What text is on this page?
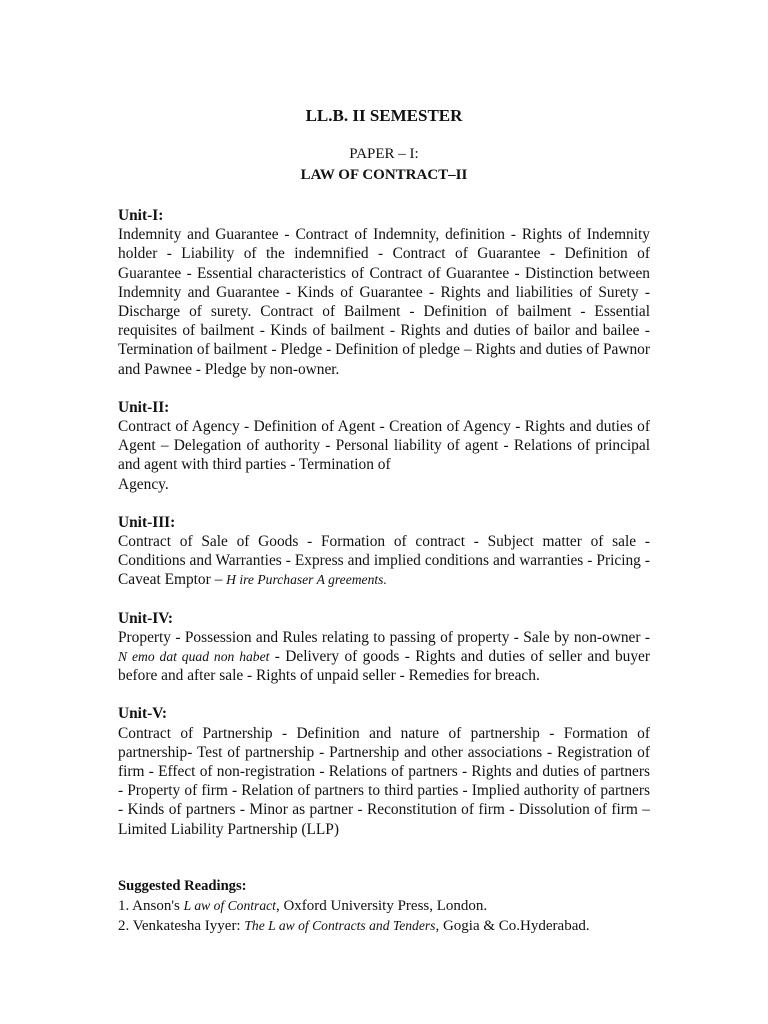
LL.B. II SEMESTER
PAPER – I:
LAW OF CONTRACT–II
Unit-I:
Indemnity and Guarantee - Contract of Indemnity, definition - Rights of Indemnity holder - Liability of the indemnified - Contract of Guarantee - Definition of Guarantee - Essential characteristics of Contract of Guarantee - Distinction between Indemnity and Guarantee - Kinds of Guarantee - Rights and liabilities of Surety - Discharge of surety. Contract of Bailment - Definition of bailment - Essential requisites of bailment - Kinds of bailment - Rights and duties of bailor and bailee - Termination of bailment - Pledge - Definition of pledge – Rights and duties of Pawnor and Pawnee - Pledge by non-owner.
Unit-II:
Contract of Agency - Definition of Agent - Creation of Agency - Rights and duties of Agent – Delegation of authority - Personal liability of agent - Relations of principal and agent with third parties - Termination of
Agency.
Unit-III:
Contract of Sale of Goods - Formation of contract - Subject matter of sale - Conditions and Warranties - Express and implied conditions and warranties - Pricing - Caveat Emptor – H ire Purchaser A greements.
Unit-IV:
Property - Possession and Rules relating to passing of property - Sale by non-owner - N emo dat quad non habet - Delivery of goods - Rights and duties of seller and buyer before and after sale - Rights of unpaid seller - Remedies for breach.
Unit-V:
Contract of Partnership - Definition and nature of partnership - Formation of partnership- Test of partnership - Partnership and other associations - Registration of firm - Effect of non-registration - Relations of partners - Rights and duties of partners - Property of firm - Relation of partners to third parties - Implied authority of partners - Kinds of partners - Minor as partner - Reconstitution of firm - Dissolution of firm – Limited Liability Partnership (LLP)
Suggested Readings:
1. Anson's L aw of Contract, Oxford University Press, London.
2. Venkatesha Iyyer: The L aw of Contracts and Tenders, Gogia & Co.Hyderabad.
